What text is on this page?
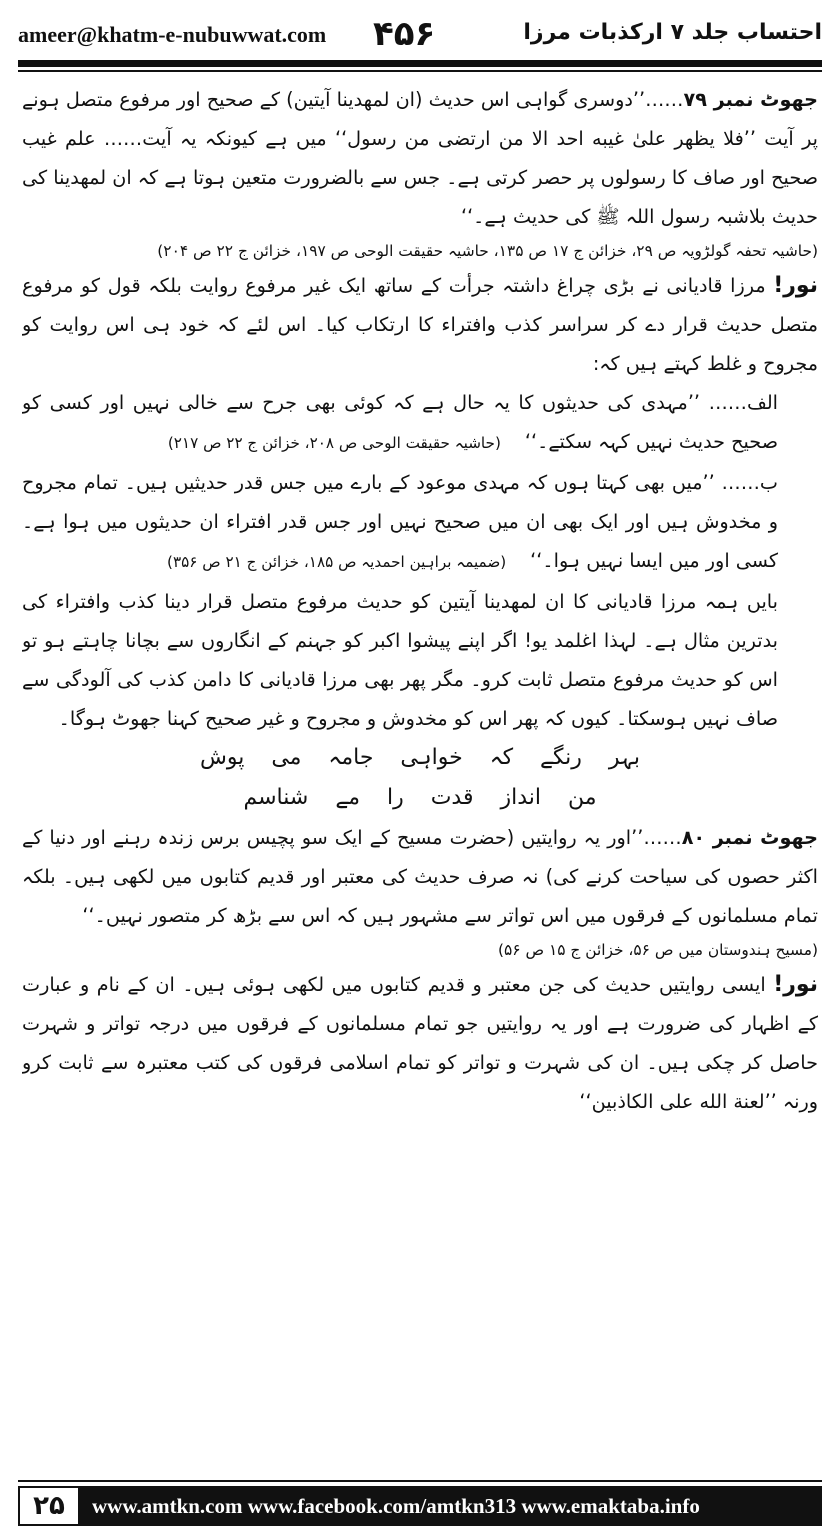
ameer@khatm-e-nubuwwat.com ۴۵۶	احتساب جلد ۷ ارکذبات مرزا

جھوٹ نمبر ۷۹……’’دوسری گواہی اس حدیث (ان لمھدینا آیتین) کے صحیح اور مرفوع متصل ہونے پر آیت ’’فلا یظھر علیٰ غیبه احد الا من ارتضی من رسول‘‘ میں ہے کیونکہ یہ آیت…… علم غیب صحیح اور صاف کا رسولوں پر حصر کرتی ہے۔ جس سے بالضرورت متعین ہوتا ہے کہ ان لمھدینا کی حدیث بلاشبہ رسول اللہ ﷺ کی حدیث ہے۔‘‘

(حاشیہ تحفہ گولڑویہ ص ۲۹، خزائن ج ۱۷ ص ۱۳۵، حاشیہ حقیقت الوحی ص ۱۹۷، خزائن ج ۲۲ ص ۲۰۴)

نور! مرزا قادیانی نے بڑی چراغ داشتہ جرأت کے ساتھ ایک غیر مرفوع روایت بلکہ قول کو مرفوع متصل حدیث قرار دے کر سراسر کذب وافتراء کا ارتکاب کیا۔ اس لئے کہ خود ہی اس روایت کو مجروح و غلط کہتے ہیں کہ:

الف…… ’’مہدی کی حدیثوں کا یہ حال ہے کہ کوئی بھی جرح سے خالی نہیں اور کسی کو صحیح حدیث نہیں کہہ سکتے۔‘‘(حاشیہ حقیقت الوحی ص ۲۰۸، خزائن ج ۲۲ ص ۲۱۷)

ب…… ’’میں بھی کہتا ہوں کہ مہدی موعود کے بارے میں جس قدر حدیثیں ہیں۔ تمام مجروح و مخدوش ہیں اور ایک بھی ان میں صحیح نہیں اور جس قدر افتراء ان حدیثوں میں ہوا ہے۔ کسی اور میں ایسا نہیں ہوا۔‘‘(ضمیمہ براہین احمدیہ ص ۱۸۵، خزائن ج ۲۱ ص ۳۵۶)

بایں ہمہ مرزا قادیانی کا ان لمھدینا آیتین کو حدیث مرفوع متصل قرار دینا کذب وافتراء کی بدترین مثال ہے۔ لہذا اغلمد یو! اگر اپنے پیشوا اکبر کو جہنم کے انگاروں سے بچانا چاہتے ہو تو اس کو حدیث مرفوع متصل ثابت کرو۔ مگر پھر بھی مرزا قادیانی کا دامن کذب کی آلودگی سے صاف نہیں ہوسکتا۔ کیوں کہ پھر اس کو مخدوش و مجروح و غیر صحیح کہنا جھوٹ ہوگا۔

بہر رنگے کہ خواہی جامہ می پوش

من انداز قدت را مے شناسم

جھوٹ نمبر ۸۰……’’اور یہ روایتیں (حضرت مسیح کے ایک سو پچیس برس زندہ رہنے اور دنیا کے اکثر حصوں کی سیاحت کرنے کی) نہ صرف حدیث کی معتبر اور قدیم کتابوں میں لکھی ہیں۔ بلکہ تمام مسلمانوں کے فرقوں میں اس تواتر سے مشہور ہیں کہ اس سے بڑھ کر متصور نہیں۔‘‘

(مسیح ہندوستان میں ص ۵۶، خزائن ج ۱۵ ص ۵۶)

نور! ایسی روایتیں حدیث کی جن معتبر و قدیم کتابوں میں لکھی ہوئی ہیں۔ ان کے نام و عبارت کے اظہار کی ضرورت ہے اور یہ روایتیں جو تمام مسلمانوں کے فرقوں میں درجہ تواتر و شہرت حاصل کر چکی ہیں۔ ان کی شہرت و تواتر کو تمام اسلامی فرقوں کی کتب معتبرہ سے ثابت کرو ورنہ ’’لعنة الله علی الکاذبین‘‘

۲۵	www.amtkn.com www.facebook.com/amtkn313 www.emaktaba.info
